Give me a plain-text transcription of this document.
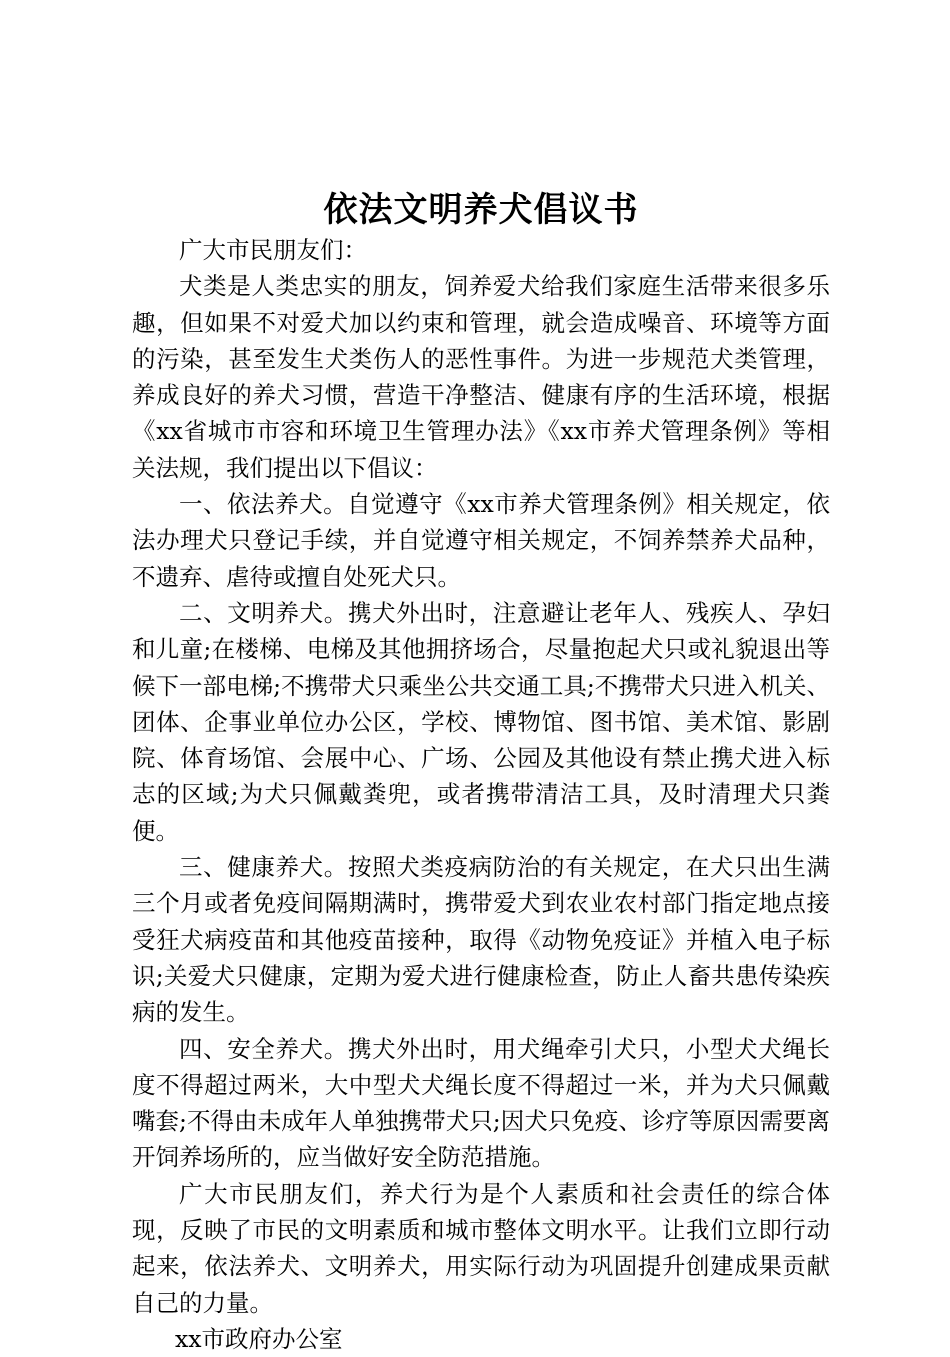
依法文明养犬倡议书

广大市民朋友们：

犬类是人类忠实的朋友，饲养爱犬给我们家庭生活带来很多乐趣，但如果不对爱犬加以约束和管理，就会造成噪音、环境等方面的污染，甚至发生犬类伤人的恶性事件。为进一步规范犬类管理，养成良好的养犬习惯，营造干净整洁、健康有序的生活环境，根据《xx省城市市容和环境卫生管理办法》《xx市养犬管理条例》等相关法规，我们提出以下倡议：

一、依法养犬。自觉遵守《xx市养犬管理条例》相关规定，依法办理犬只登记手续，并自觉遵守相关规定，不饲养禁养犬品种，不遗弃、虐待或擅自处死犬只。

二、文明养犬。携犬外出时，注意避让老年人、残疾人、孕妇和儿童;在楼梯、电梯及其他拥挤场合，尽量抱起犬只或礼貌退出等候下一部电梯;不携带犬只乘坐公共交通工具;不携带犬只进入机关、团体、企事业单位办公区，学校、博物馆、图书馆、美术馆、影剧院、体育场馆、会展中心、广场、公园及其他设有禁止携犬进入标志的区域;为犬只佩戴粪兜，或者携带清洁工具，及时清理犬只粪便。

三、健康养犬。按照犬类疫病防治的有关规定，在犬只出生满三个月或者免疫间隔期满时，携带爱犬到农业农村部门指定地点接受狂犬病疫苗和其他疫苗接种，取得《动物免疫证》并植入电子标识;关爱犬只健康，定期为爱犬进行健康检查，防止人畜共患传染疾病的发生。

四、安全养犬。携犬外出时，用犬绳牵引犬只，小型犬犬绳长度不得超过两米，大中型犬犬绳长度不得超过一米，并为犬只佩戴嘴套;不得由未成年人单独携带犬只;因犬只免疫、诊疗等原因需要离开饲养场所的，应当做好安全防范措施。

广大市民朋友们，养犬行为是个人素质和社会责任的综合体现，反映了市民的文明素质和城市整体文明水平。让我们立即行动起来，依法养犬、文明养犬，用实际行动为巩固提升创建成果贡献自己的力量。

xx市政府办公室
